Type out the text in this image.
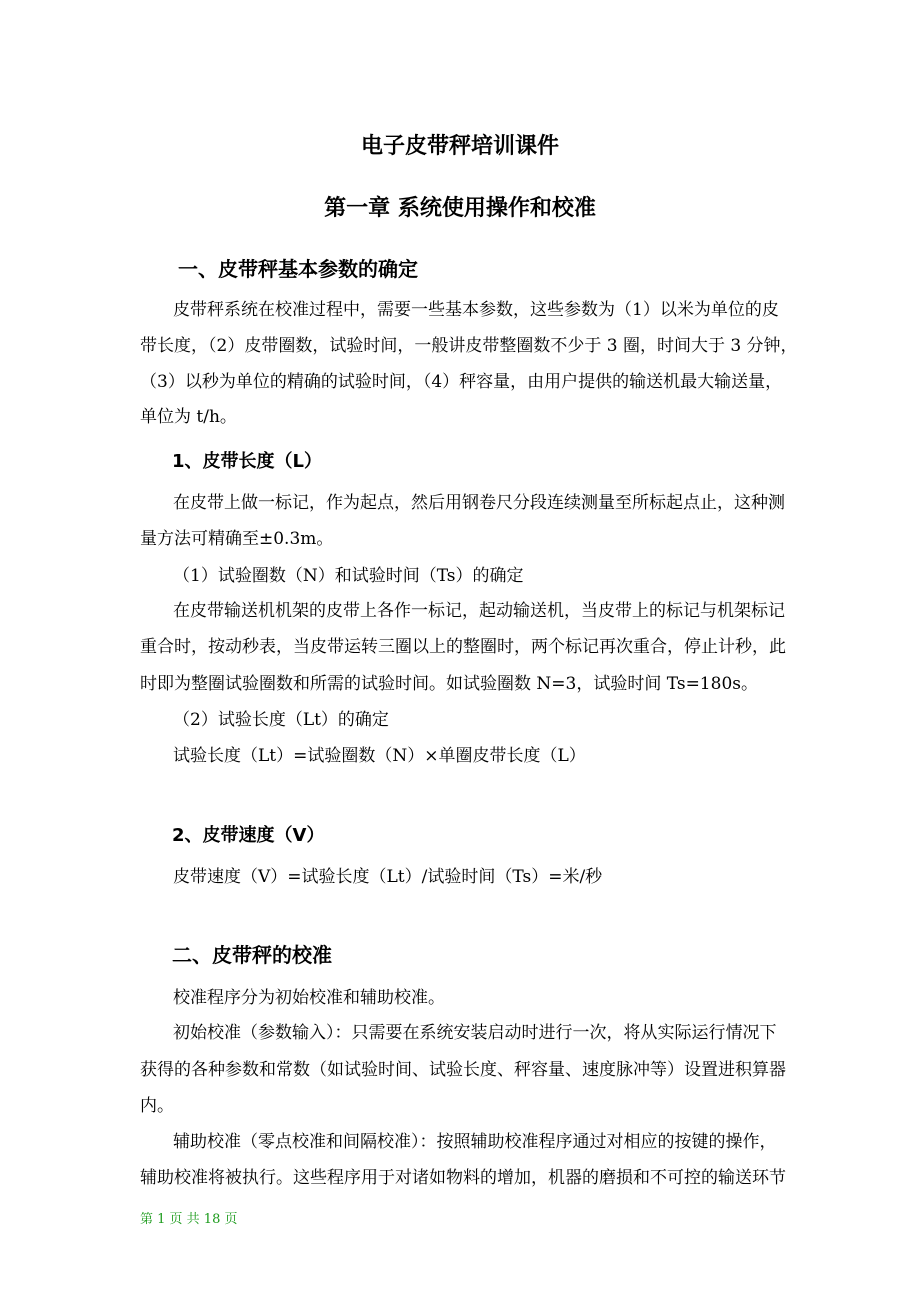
电子皮带秤培训课件
第一章 系统使用操作和校准
一、皮带秤基本参数的确定
皮带秤系统在校准过程中，需要一些基本参数，这些参数为（1）以米为单位的皮
带长度，（2）皮带圈数，试验时间，一般讲皮带整圈数不少于 3 圈，时间大于 3 分钟，
（3）以秒为单位的精确的试验时间，（4）秤容量，由用户提供的输送机最大输送量，
单位为 t/h。
1、皮带长度（L）
在皮带上做一标记，作为起点，然后用钢卷尺分段连续测量至所标起点止，这种测
量方法可精确至±0.3m。
（1）试验圈数（N）和试验时间（Ts）的确定
在皮带输送机机架的皮带上各作一标记，起动输送机，当皮带上的标记与机架标记
重合时，按动秒表，当皮带运转三圈以上的整圈时，两个标记再次重合，停止计秒，此
时即为整圈试验圈数和所需的试验时间。如试验圈数 N=3，试验时间 Ts=180s。
（2）试验长度（Lt）的确定
试验长度（Lt）=试验圈数（N）×单圈皮带长度（L）
2、皮带速度（V）
皮带速度（V）=试验长度（Lt）/试验时间（Ts）=米/秒
二、皮带秤的校准
校准程序分为初始校准和辅助校准。
初始校准（参数输入）：只需要在系统安装启动时进行一次，将从实际运行情况下
获得的各种参数和常数（如试验时间、试验长度、秤容量、速度脉冲等）设置进积算器
内。
辅助校准（零点校准和间隔校准）：按照辅助校准程序通过对相应的按键的操作，
辅助校准将被执行。这些程序用于对诸如物料的增加，机器的磨损和不可控的输送环节
第 1 页 共 18 页
